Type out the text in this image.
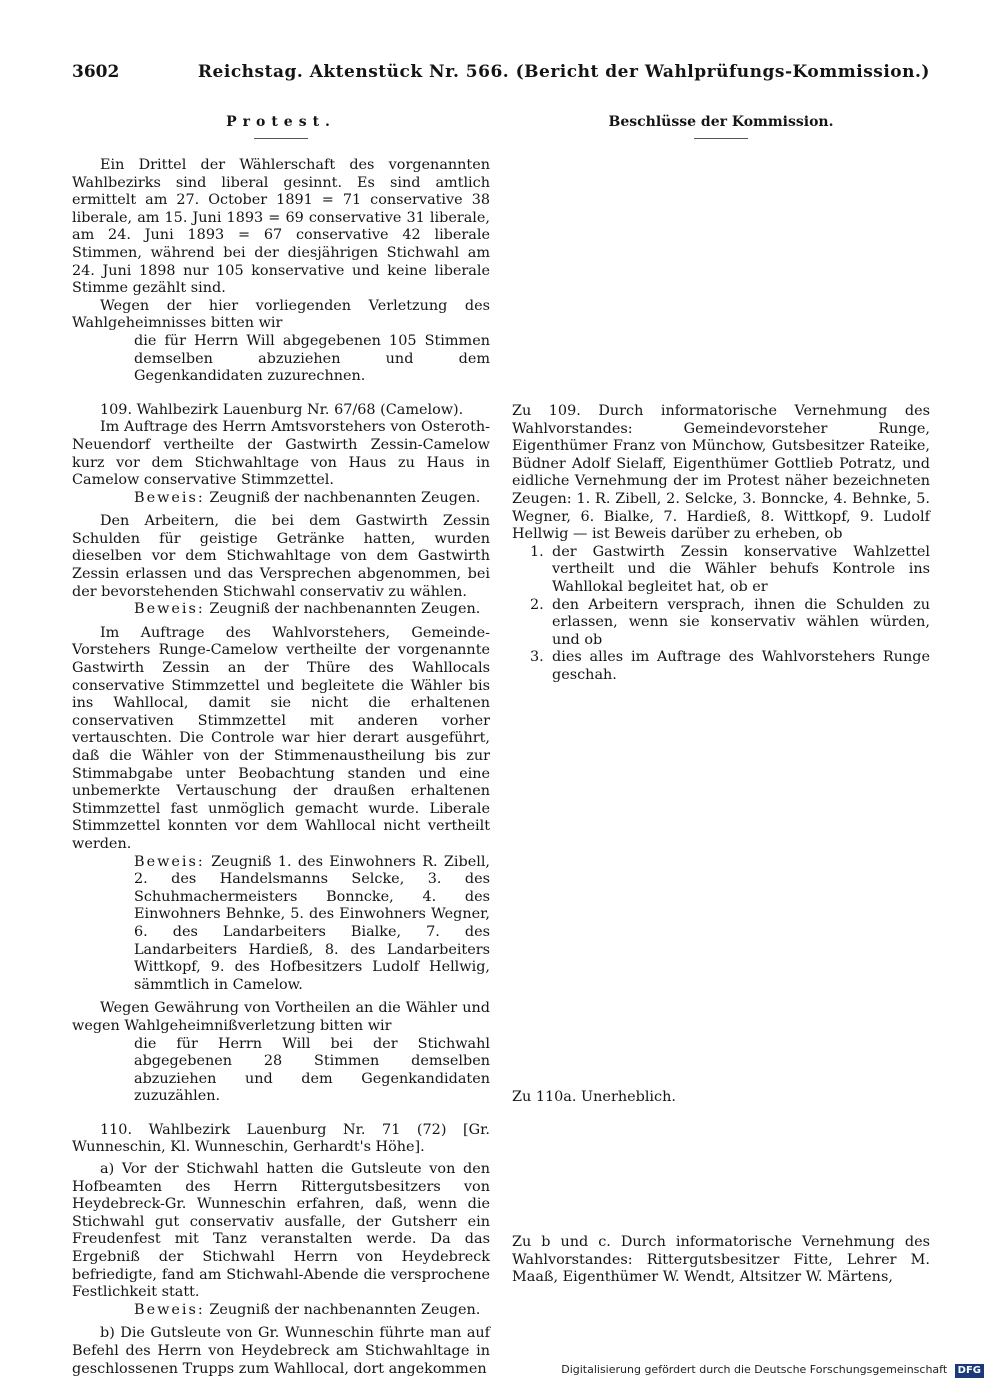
3602	Reichstag. Aktenstück Nr. 566. (Bericht der Wahlprüfungs-Kommission.)
Protest.

Ein Drittel der Wählerschaft des vorgenannten Wahlbezirks sind liberal gesinnt. Es sind amtlich ermittelt am 27. October 1891 = 71 conservative 38 liberale, am 15. Juni 1893 = 69 conservative 31 liberale, am 24. Juni 1893 = 67 conservative 42 liberale Stimmen, während bei der diesjährigen Stichwahl am 24. Juni 1898 nur 105 konservative und keine liberale Stimme gezählt sind.

Wegen der hier vorliegenden Verletzung des Wahlgeheimnisses bitten wir

die für Herrn Will abgegebenen 105 Stimmen demselben abzuziehen und dem Gegenkandidaten zuzurechnen.

109. Wahlbezirk Lauenburg Nr. 67/68 (Camelow).

Im Auftrage des Herrn Amtsvorstehers von Osteroth-Neuendorf vertheilte der Gastwirth Zessin-Camelow kurz vor dem Stichwahltage von Haus zu Haus in Camelow conservative Stimmzettel.

Beweis: Zeugniß der nachbenannten Zeugen.

Den Arbeitern, die bei dem Gastwirth Zessin Schulden für geistige Getränke hatten, wurden dieselben vor dem Stichwahltage von dem Gastwirth Zessin erlassen und das Versprechen abgenommen, bei der bevorstehenden Stichwahl conservativ zu wählen.

Beweis: Zeugniß der nachbenannten Zeugen.

Im Auftrage des Wahlvorstehers, Gemeinde-Vorstehers Runge-Camelow vertheilte der vorgenannte Gastwirth Zessin an der Thüre des Wahllocals conservative Stimmzettel und begleitete die Wähler bis ins Wahllocal, damit sie nicht die erhaltenen conservativen Stimmzettel mit anderen vorher vertauschten. Die Controle war hier derart ausgeführt, daß die Wähler von der Stimmenaustheilung bis zur Stimmabgabe unter Beobachtung standen und eine unbemerkte Vertauschung der draußen erhaltenen Stimmzettel fast unmöglich gemacht wurde. Liberale Stimmzettel konnten vor dem Wahllocal nicht vertheilt werden.

Beweis: Zeugniß 1. des Einwohners R. Zibell, 2. des Handelsmanns Selcke, 3. des Schuhmachermeisters Bonncke, 4. des Einwohners Behnke, 5. des Einwohners Wegner, 6. des Landarbeiters Bialke, 7. des Landarbeiters Hardieß, 8. des Landarbeiters Wittkopf, 9. des Hofbesitzers Ludolf Hellwig, sämmtlich in Camelow.

Wegen Gewährung von Vortheilen an die Wähler und wegen Wahlgeheimnißverletzung bitten wir

die für Herrn Will bei der Stichwahl abgegebenen 28 Stimmen demselben abzuziehen und dem Gegenkandidaten zuzuzählen.

110. Wahlbezirk Lauenburg Nr. 71 (72) [Gr. Wunneschin, Kl. Wunneschin, Gerhardt's Höhe].

a) Vor der Stichwahl hatten die Gutsleute von den Hofbeamten des Herrn Rittergutsbesitzers von Heydebreck-Gr. Wunneschin erfahren, daß, wenn die Stichwahl gut conservativ ausfalle, der Gutsherr ein Freudenfest mit Tanz veranstalten werde. Da das Ergebniß der Stichwahl Herrn von Heydebreck befriedigte, fand am Stichwahl-Abende die versprochene Festlichkeit statt.

Beweis: Zeugniß der nachbenannten Zeugen.

b) Die Gutsleute von Gr. Wunneschin führte man auf Befehl des Herrn von Heydebreck am Stichwahltage in geschlossenen Trupps zum Wahllocal, dort angekommen

Beschlüsse der Kommission.

Zu 109. Durch informatorische Vernehmung des Wahlvorstandes: Gemeindevorsteher Runge, Eigenthümer Franz von Münchow, Gutsbesitzer Rateike, Büdner Adolf Sielaff, Eigenthümer Gottlieb Potratz, und eidliche Vernehmung der im Protest näher bezeichneten Zeugen: 1. R. Zibell, 2. Selcke, 3. Bonncke, 4. Behnke, 5. Wegner, 6. Bialke, 7. Hardieß, 8. Wittkopf, 9. Ludolf Hellwig — ist Beweis darüber zu erheben, ob

1. der Gastwirth Zessin konservative Wahlzettel vertheilt und die Wähler behufs Kontrole ins Wahllokal begleitet hat, ob er
2. den Arbeitern versprach, ihnen die Schulden zu erlassen, wenn sie konservativ wählen würden, und ob
3. dies alles im Auftrage des Wahlvorstehers Runge geschah.

Zu 110a. Unerheblich.

Zu b und c. Durch informatorische Vernehmung des Wahlvorstandes: Rittergutsbesitzer Fitte, Lehrer M. Maaß, Eigenthümer W. Wendt, Altsitzer W. Märtens,

Digitalisierung gefördert durch die Deutsche Forschungsgemeinschaft DFG
